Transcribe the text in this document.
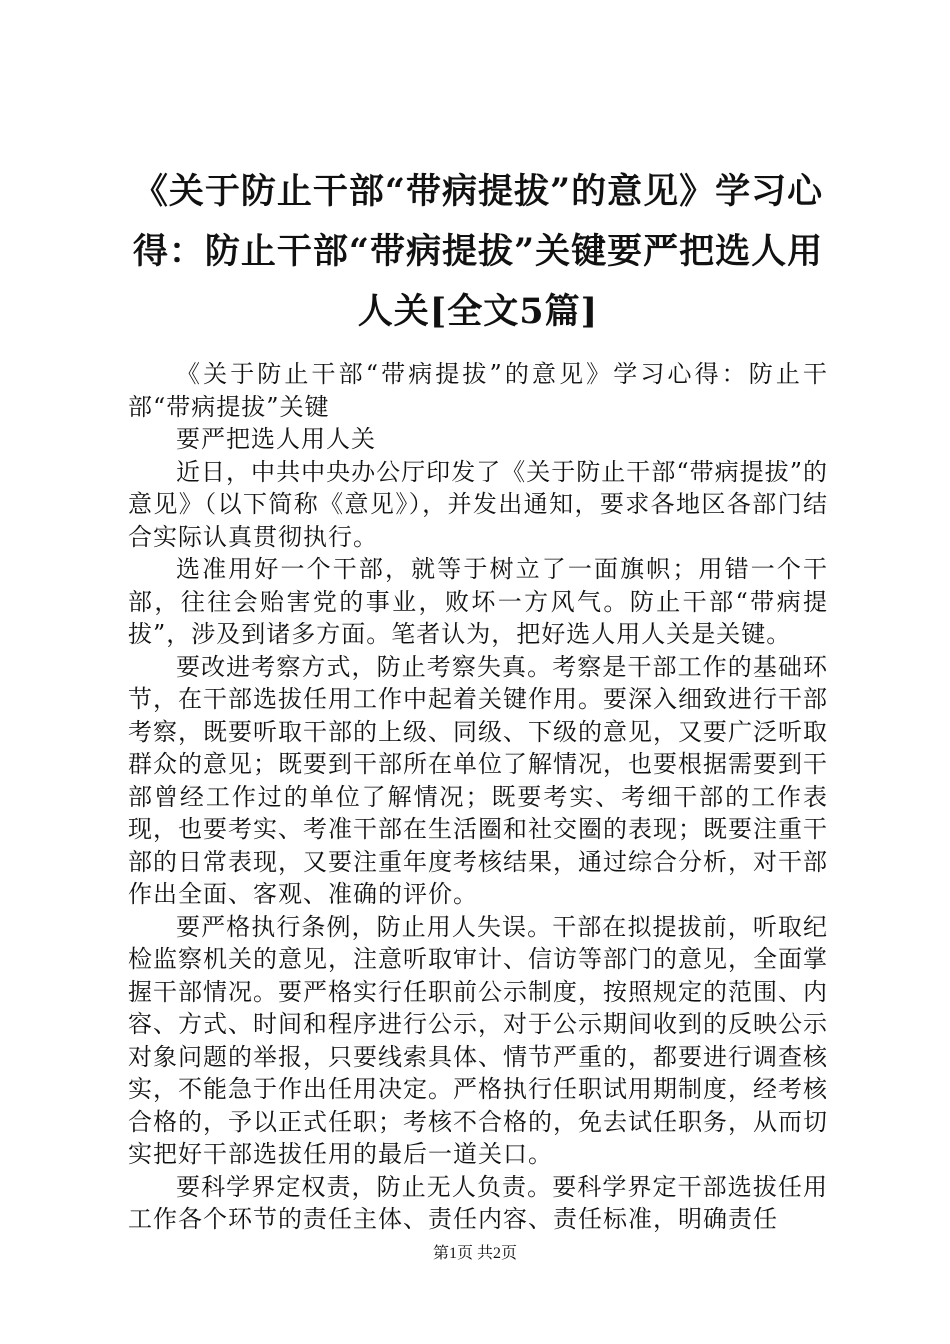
《关于防止干部“带病提拔”的意见》学习心得：防止干部“带病提拔”关键要严把选人用人关[全文5篇]

《关于防止干部“带病提拔”的意见》学习心得：防止干部“带病提拔”关键

要严把选人用人关

近日，中共中央办公厅印发了《关于防止干部“带病提拔”的意见》（以下简称《意见》），并发出通知，要求各地区各部门结合实际认真贯彻执行。

选准用好一个干部，就等于树立了一面旗帜；用错一个干部，往往会贻害党的事业，败坏一方风气。防止干部“带病提拔”，涉及到诸多方面。笔者认为，把好选人用人关是关键。

要改进考察方式，防止考察失真。考察是干部工作的基础环节，在干部选拔任用工作中起着关键作用。要深入细致进行干部考察，既要听取干部的上级、同级、下级的意见，又要广泛听取群众的意见；既要到干部所在单位了解情况，也要根据需要到干部曾经工作过的单位了解情况；既要考实、考细干部的工作表现，也要考实、考准干部在生活圈和社交圈的表现；既要注重干部的日常表现，又要注重年度考核结果，通过综合分析，对干部作出全面、客观、准确的评价。

要严格执行条例，防止用人失误。干部在拟提拔前，听取纪检监察机关的意见，注意听取审计、信访等部门的意见，全面掌握干部情况。要严格实行任职前公示制度，按照规定的范围、内容、方式、时间和程序进行公示，对于公示期间收到的反映公示对象问题的举报，只要线索具体、情节严重的，都要进行调查核实，不能急于作出任用决定。严格执行任职试用期制度，经考核合格的，予以正式任职；考核不合格的，免去试任职务，从而切实把好干部选拔任用的最后一道关口。

要科学界定权责，防止无人负责。要科学界定干部选拔任用工作各个环节的责任主体、责任内容、责任标准，明确责任

第1页 共2页
